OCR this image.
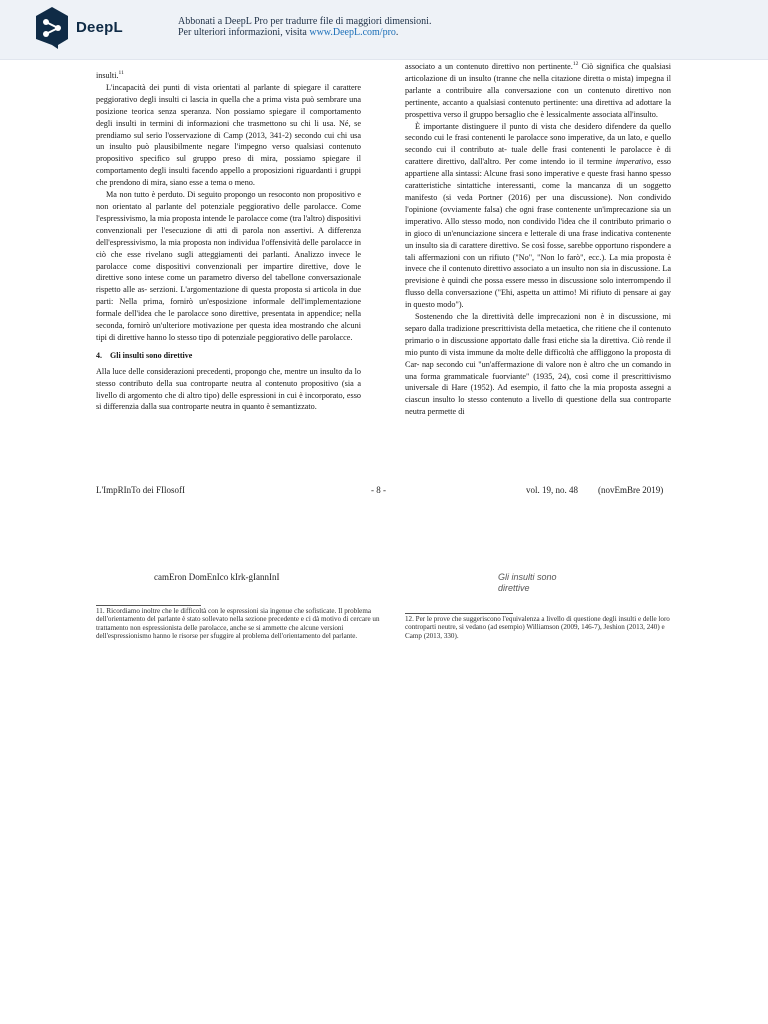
DeepL	Abbonati a DeepL Pro per tradurre file di maggiori dimensioni.
Per ulteriori informazioni, visita www.DeepL.com/pro.

insulti.$^{11}$

L'incapacità dei punti di vista orientati al parlante di spiegare il carattere peggiorativo degli insulti ci lascia in quella che a prima vista può sembrare una posizione teorica senza speranza. Non possiamo spiegare il comportamento degli insulti in termini di informazioni che trasmettono su chi li usa. Né, se prendiamo sul serio l'osservazione di Camp (2013, 341-2) secondo cui chi usa un insulto può plausibilmente negare l'impegno verso qualsiasi contenuto propositivo specifico sul gruppo preso di mira, possiamo spiegare il comportamento degli insulti facendo appello a proposizioni riguardanti i gruppi che prendono di mira, siano esse a tema o meno.

Ma non tutto è perduto. Di seguito propongo un resoconto non propositivo e non orientato al parlante del potenziale peggiorativo delle parolacce. Come l'espressivismo, la mia proposta intende le parolacce come (tra l'altro) dispositivi convenzionali per l'esecuzione di atti di parola non assertivi. A differenza dell'espressivismo, la mia proposta non individua l'offensività delle parolacce in ciò che esse rivelano sugli atteggiamenti dei parlanti. Analizzo invece le parolacce come dispositivi convenzionali per impartire direttive, dove le direttive sono intese come un parametro diverso del tabellone conversazionale rispetto alle as- serzioni. L'argomentazione di questa proposta si articola in due parti: Nella prima, fornirò un'esposizione informale dell'implementazione formale dell'idea che le parolacce sono direttive, presentata in appendice; nella seconda, fornirò un'ulteriore motivazione per questa idea mostrando che alcuni tipi di direttive hanno lo stesso tipo di potenziale peggiorativo delle parolacce.

4. Gli insulti sono direttive

Alla luce delle considerazioni precedenti, propongo che, mentre un insulto da lo stesso contributo della sua controparte neutra al contenuto propositivo (sia a livello di argomento che di altro tipo) delle espressioni in cui è incorporato, esso si differenzia dalla sua controparte neutra in quanto è semantizzato.

associato a un contenuto direttivo non pertinente.$^{12}$ Ciò significa che qualsiasi articolazione di un insulto (tranne che nella citazione diretta o mista) impegna il parlante a contribuire alla conversazione con un contenuto direttivo non pertinente, accanto a qualsiasi contenuto pertinente: una direttiva ad adottare la prospettiva verso il gruppo bersaglio che è lessicalmente associata all'insulto.

È importante distinguere il punto di vista che desidero difendere da quello secondo cui le frasi contenenti le parolacce sono imperative, da un lato, e quello secondo cui il contributo at- tuale delle frasi contenenti le parolacce è di carattere direttivo, dall'altro. Per come intendo io il termine imperativo, esso appartiene alla sintassi: Alcune frasi sono imperative e queste frasi hanno spesso caratteristiche sintattiche interessanti, come la mancanza di un soggetto manifesto (si veda Portner (2016) per una discussione). Non condivido l'opinione (ovviamente falsa) che ogni frase contenente un'imprecazione sia un imperativo. Allo stesso modo, non condivido l'idea che il contributo primario o in gioco di un'enunciazione sincera e letterale di una frase indicativa contenente un insulto sia di carattere direttivo. Se così fosse, sarebbe opportuno rispondere a tali affermazioni con un rifiuto ("No", "Non lo farò", ecc.). La mia proposta è invece che il contenuto direttivo associato a un insulto non sia in discussione. La previsione è quindi che possa essere messo in discussione solo interrompendo il flusso della conversazione ("Ehi, aspetta un attimo! Mi rifiuto di pensare ai gay in questo modo").

Sostenendo che la direttività delle imprecazioni non è in discussione, mi separo dalla tradizione prescrittivista della metaetica, che ritiene che il contenuto primario o in discussione apportato dalle frasi etiche sia la direttiva. Ciò rende il mio punto di vista immune da molte delle difficoltà che affliggono la proposta di Car- nap secondo cui "un'affermazione di valore non è altro che un comando in una forma grammaticale fuorviante" (1935, 24), così come il prescrittivismo universale di Hare (1952). Ad esempio, il fatto che la mia proposta assegni a ciascun insulto lo stesso contenuto a livello di questione della sua controparte neutra permette di

L'ImpRInTo dei FIlosofI	- 8 -	vol. 19, no. 48 (novEmBre 2019)
camEron DomEnIco kIrk-gIannInI	Gli insulti sono
direttive
11. Ricordiamo inoltre che le difficoltà con le espressioni sia ingenue che sofisticate. Il problema dell'orientamento del parlante è stato sollevato nella sezione precedente e ci dà motivo di cercare un trattamento non espressionista delle parolacce, anche se si ammette che alcune versioni dell'espressionismo hanno le risorse per sfuggire al problema dell'orientamento del parlante.
12. Per le prove che suggeriscono l'equivalenza a livello di questione degli insulti e delle loro controparti neutre, si vedano (ad esempio) Williamson (2009, 146-7), Jeshion (2013, 240) e Camp (2013, 330).
